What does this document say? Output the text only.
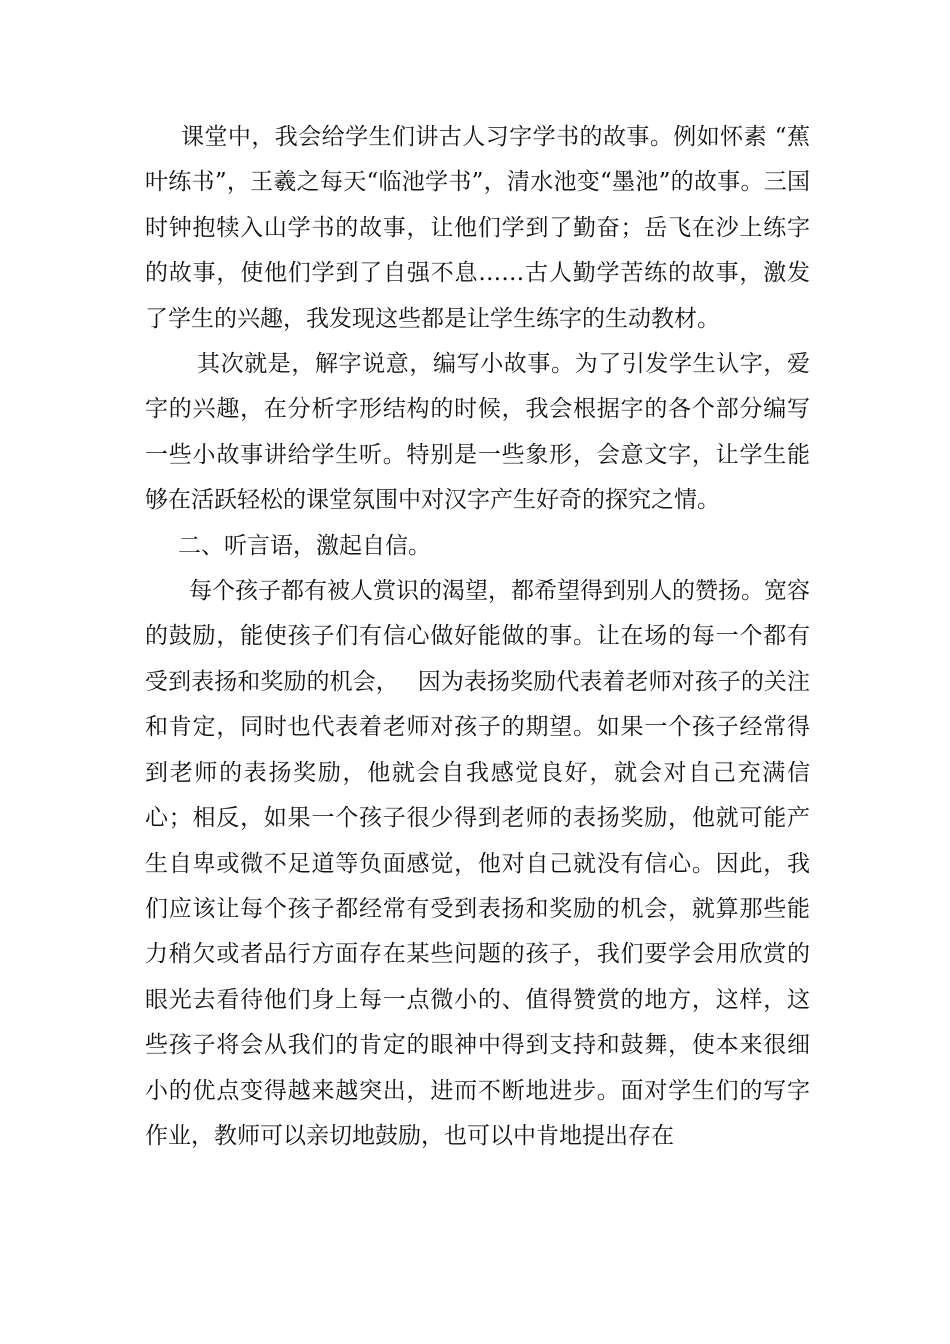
课堂中，我会给学生们讲古人习字学书的故事。例如怀素 “蕉叶练书”，王羲之每天“临池学书”，清水池变“墨池”的故事。三国时钟抱犊入山学书的故事，让他们学到了勤奋；岳飞在沙上练字的故事，使他们学到了自强不息……古人勤学苦练的故事，激发了学生的兴趣，我发现这些都是让学生练字的生动教材。

其次就是，解字说意，编写小故事。为了引发学生认字，爱字的兴趣，在分析字形结构的时候，我会根据字的各个部分编写一些小故事讲给学生听。特别是一些象形，会意文字，让学生能够在活跃轻松的课堂氛围中对汉字产生好奇的探究之情。

二、听言语，激起自信。

每个孩子都有被人赏识的渴望，都希望得到别人的赞扬。宽容的鼓励，能使孩子们有信心做好能做的事。让在场的每一个都有受到表扬和奖励的机会，　 因为表扬奖励代表着老师对孩子的关注和肯定，同时也代表着老师对孩子的期望。如果一个孩子经常得到老师的表扬奖励，他就会自我感觉良好，就会对自己充满信心；相反，如果一个孩子很少得到老师的表扬奖励，他就可能产生自卑或微不足道等负面感觉，他对自己就没有信心。因此，我们应该让每个孩子都经常有受到表扬和奖励的机会，就算那些能力稍欠或者品行方面存在某些问题的孩子，我们要学会用欣赏的眼光去看待他们身上每一点微小的、值得赞赏的地方，这样，这些孩子将会从我们的肯定的眼神中得到支持和鼓舞，使本来很细小的优点变得越来越突出，进而不断地进步。面对学生们的写字作业，教师可以亲切地鼓励，也可以中肯地提出存在
